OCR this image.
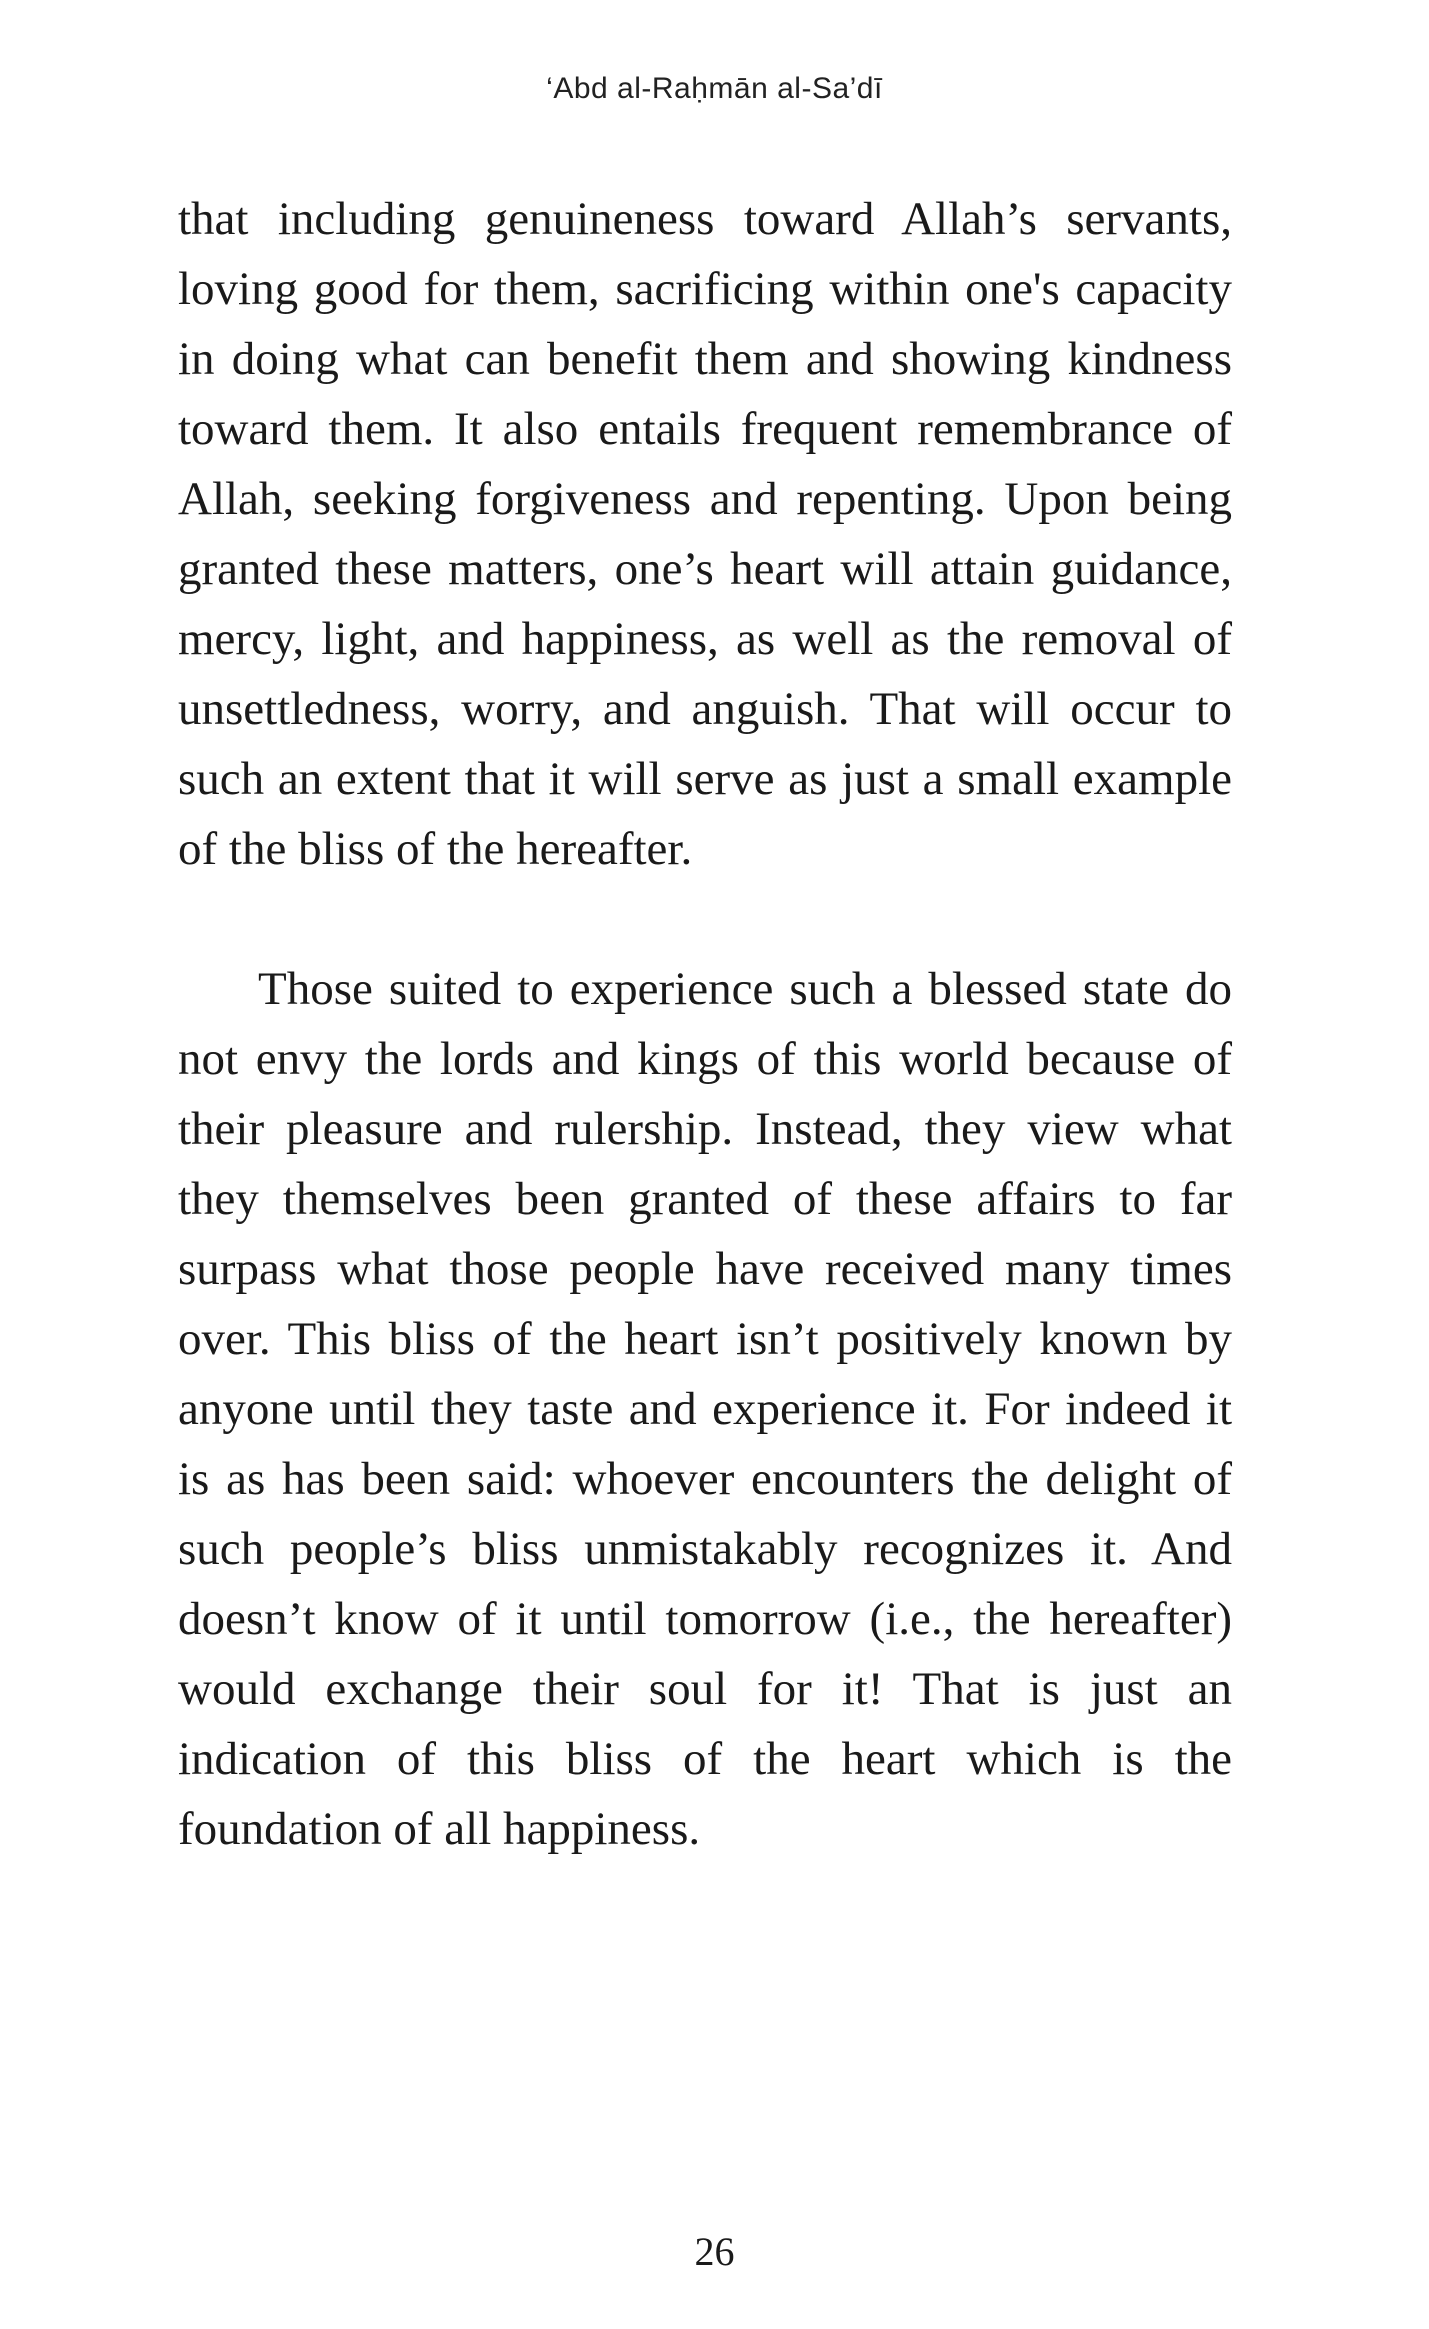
‘Abd al-Raḥmān al-Sa’dī

that including genuineness toward Allah’s servants, loving good for them, sacrificing within one's capacity in doing what can benefit them and showing kindness toward them. It also entails frequent remembrance of Allah, seeking forgiveness and repenting. Upon being granted these matters, one’s heart will attain guidance, mercy, light, and happiness, as well as the removal of unsettledness, worry, and anguish. That will occur to such an extent that it will serve as just a small example of the bliss of the hereafter.

Those suited to experience such a blessed state do not envy the lords and kings of this world because of their pleasure and rulership. Instead, they view what they themselves been granted of these affairs to far surpass what those people have received many times over. This bliss of the heart isn’t positively known by anyone until they taste and experience it. For indeed it is as has been said: whoever encounters the delight of such people’s bliss unmistakably recognizes it. And doesn’t know of it until tomorrow (i.e., the hereafter) would exchange their soul for it! That is just an indication of this bliss of the heart which is the foundation of all happiness.

26
